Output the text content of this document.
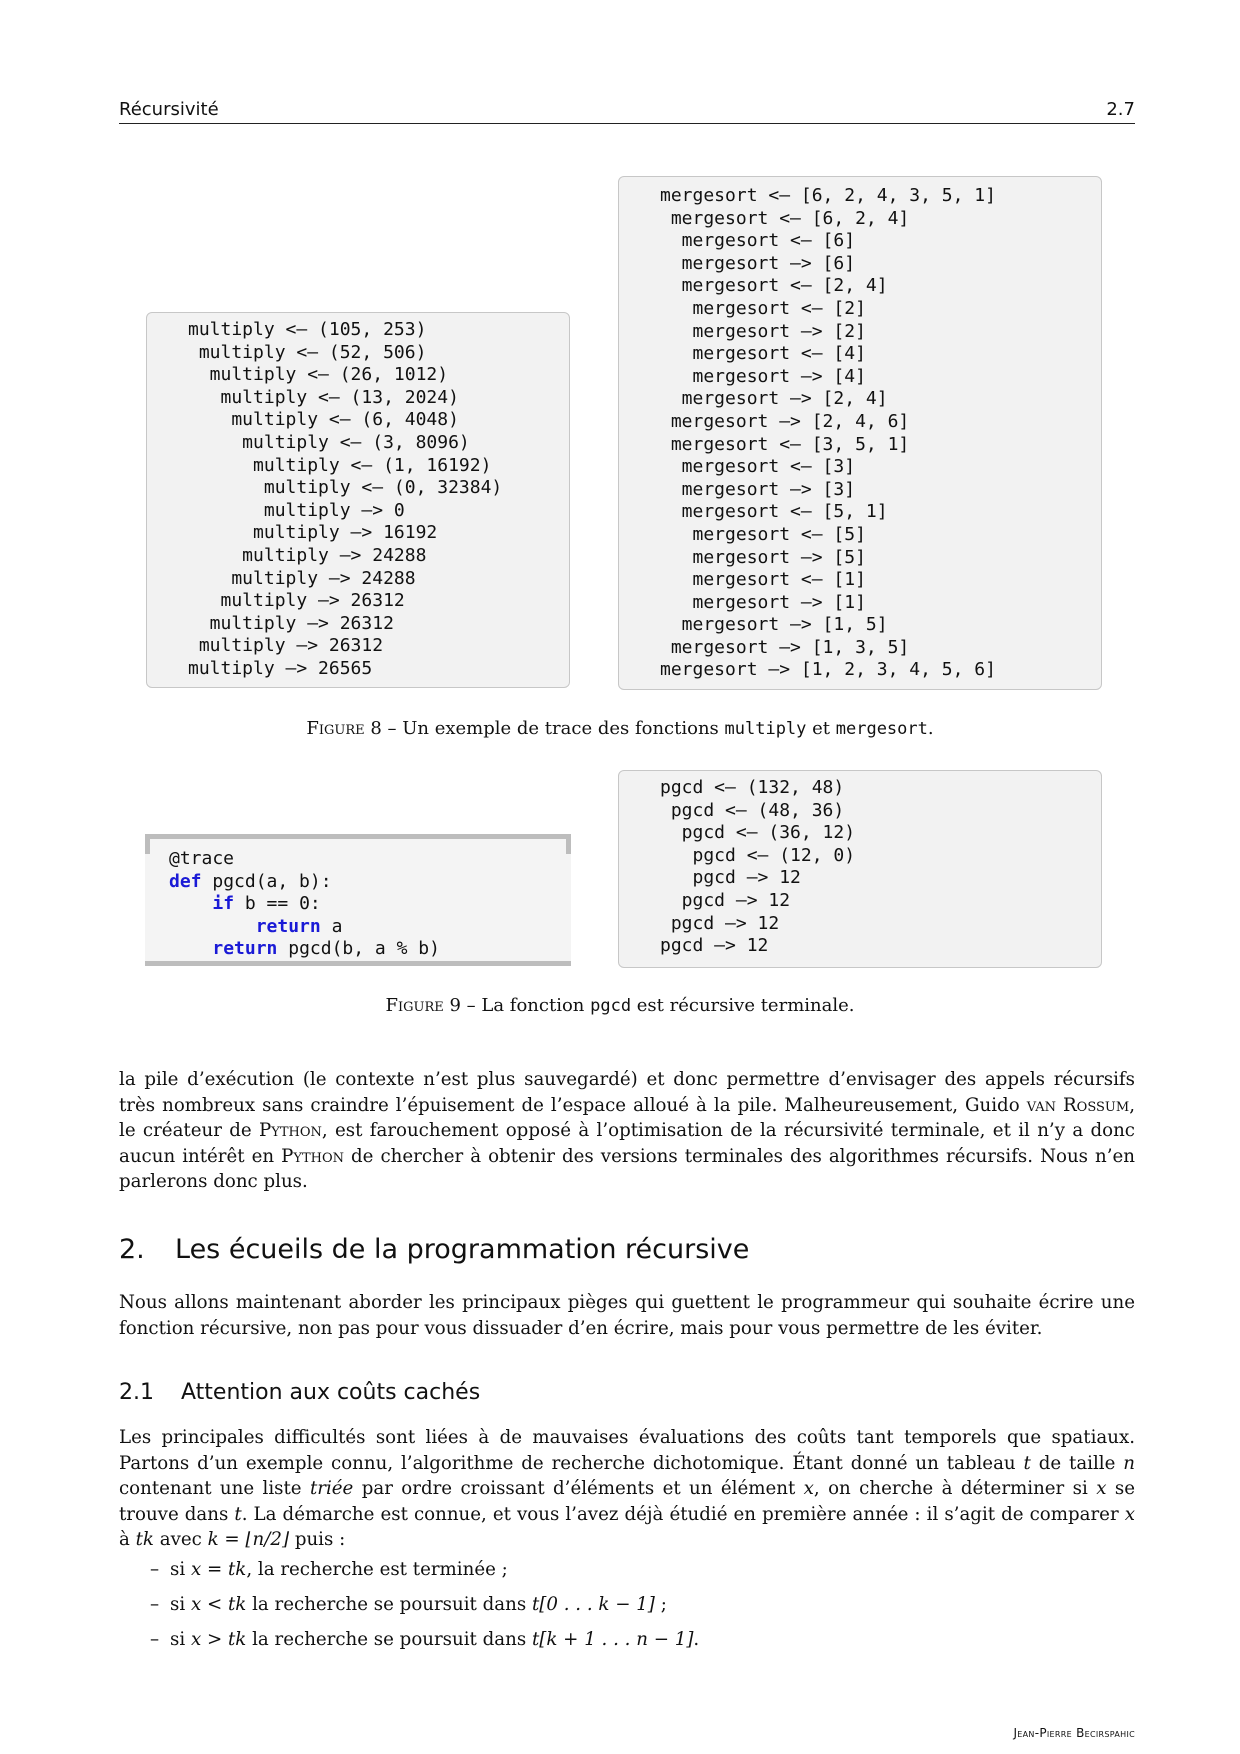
Récursivité	2.7
multiply <– (105, 253)
multiply <– (52, 506)
multiply <– (26, 1012)
multiply <– (13, 2024)
multiply <– (6, 4048)
multiply <– (3, 8096)
multiply <– (1, 16192)
multiply <– (0, 32384)
multiply –> 0
multiply –> 16192
multiply –> 24288
multiply –> 24288
multiply –> 26312
multiply –> 26312
multiply –> 26312
multiply –> 26565
mergesort <– [6, 2, 4, 3, 5, 1]
mergesort <– [6, 2, 4]
mergesort <– [6]
mergesort –> [6]
mergesort <– [2, 4]
mergesort <– [2]
mergesort –> [2]
mergesort <– [4]
mergesort –> [4]
mergesort –> [2, 4]
mergesort –> [2, 4, 6]
mergesort <– [3, 5, 1]
mergesort <– [3]
mergesort –> [3]
mergesort <– [5, 1]
mergesort <– [5]
mergesort –> [5]
mergesort <– [1]
mergesort –> [1]
mergesort –> [1, 5]
mergesort –> [1, 3, 5]
mergesort –> [1, 2, 3, 4, 5, 6]
Figure 8 – Un exemple de trace des fonctions multiply et mergesort.
@trace
def pgcd(a, b):
if b == 0:
return a
return pgcd(b, a % b)
pgcd <– (132, 48)
pgcd <– (48, 36)
pgcd <– (36, 12)
pgcd <– (12, 0)
pgcd –> 12
pgcd –> 12
pgcd –> 12
pgcd –> 12
Figure 9 – La fonction pgcd est récursive terminale.

la pile d’exécution (le contexte n’est plus sauvegardé) et donc permettre d’envisager des appels récursifs très nombreux sans craindre l’épuisement de l’espace alloué à la pile. Malheureusement, Guido van Rossum, le créateur de Python, est farouchement opposé à l’optimisation de la récursivité terminale, et il n’y a donc aucun intérêt en Python de chercher à obtenir des versions terminales des algorithmes récursifs. Nous n’en parlerons donc plus.

2. Les écueils de la programmation récursive

Nous allons maintenant aborder les principaux pièges qui guettent le programmeur qui souhaite écrire une fonction récursive, non pas pour vous dissuader d’en écrire, mais pour vous permettre de les éviter.

2.1 Attention aux coûts cachés

Les principales difficultés sont liées à de mauvaises évaluations des coûts tant temporels que spatiaux. Partons d’un exemple connu, l’algorithme de recherche dichotomique. Étant donné un tableau t de taille n contenant une liste triée par ordre croissant d’éléments et un élément x, on cherche à déterminer si x se trouve dans t. La démarche est connue, et vous l’avez déjà étudié en première année : il s’agit de comparer x à tk avec k = ⌊n/2⌋ puis :

– si x = tk, la recherche est terminée ;
– si x < tk la recherche se poursuit dans t[0 . . . k − 1] ;
– si x > tk la recherche se poursuit dans t[k + 1 . . . n − 1].
Jean-Pierre Becirspahic
